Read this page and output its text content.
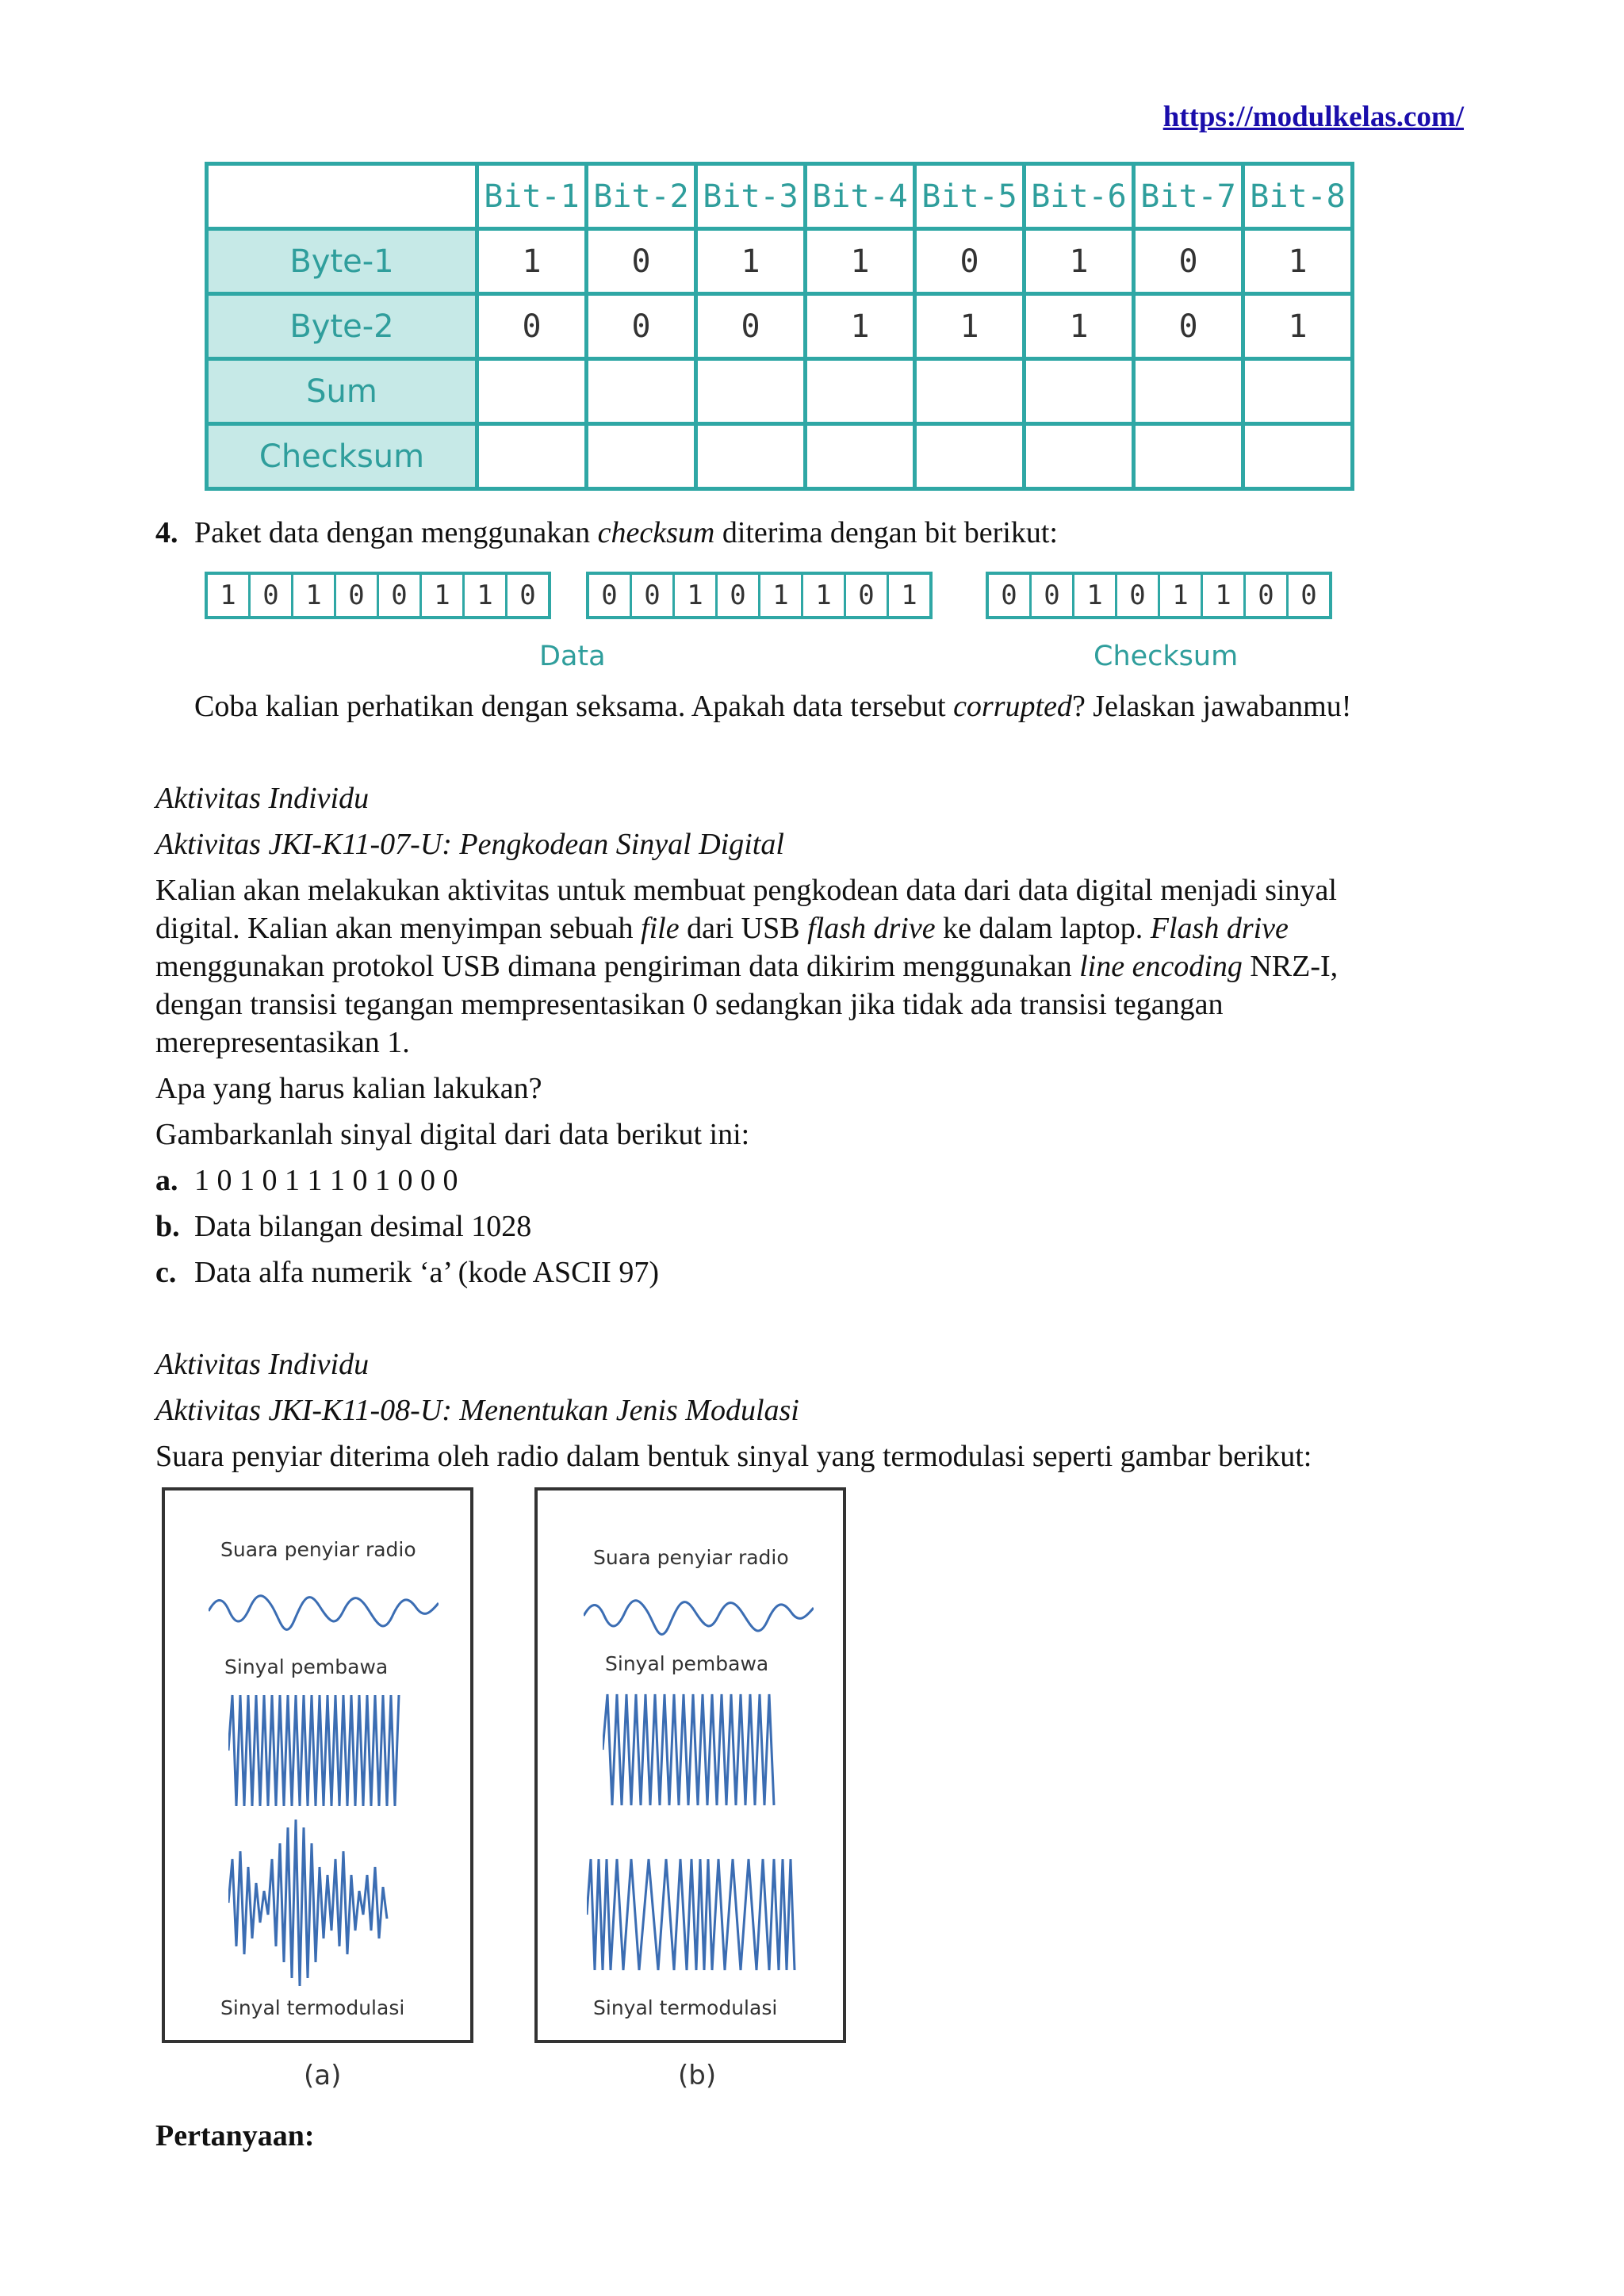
https://modulkelas.com/
	Bit-1	Bit-2	Bit-3	Bit-4	Bit-5	Bit-6	Bit-7	Bit-8
Byte-1	1	0	1	1	0	1	0	1
Byte-2	0	0	0	1	1	1	0	1
Sum								
Checksum								
4. Paket data dengan menggunakan checksum diterima dengan bit berikut:
1 0 1 0 0 1 1 0	0 0 1 0 1 1 0 1	0 0 1 0 1 1 0 0
Data	Checksum
Coba kalian perhatikan dengan seksama. Apakah data tersebut corrupted? Jelaskan jawabanmu!
Aktivitas Individu
Aktivitas JKI-K11-07-U: Pengkodean Sinyal Digital
Kalian akan melakukan aktivitas untuk membuat pengkodean data dari data digital menjadi sinyal
digital. Kalian akan menyimpan sebuah file dari USB flash drive ke dalam laptop. Flash drive
menggunakan protokol USB dimana pengiriman data dikirim menggunakan line encoding NRZ-I,
dengan transisi tegangan mempresentasikan 0 sedangkan jika tidak ada transisi tegangan
merepresentasikan 1.
Apa yang harus kalian lakukan?
Gambarkanlah sinyal digital dari data berikut ini:
a. 1 0 1 0 1 1 1 0 1 0 0 0
b. Data bilangan desimal 1028
c. Data alfa numerik ‘a’ (kode ASCII 97)
Aktivitas Individu
Aktivitas JKI-K11-08-U: Menentukan Jenis Modulasi
Suara penyiar diterima oleh radio dalam bentuk sinyal yang termodulasi seperti gambar berikut:
Suara penyiar radio
Sinyal pembawa
Sinyal termodulasi
(a)
Suara penyiar radio
Sinyal pembawa
Sinyal termodulasi
(b)
Pertanyaan:
